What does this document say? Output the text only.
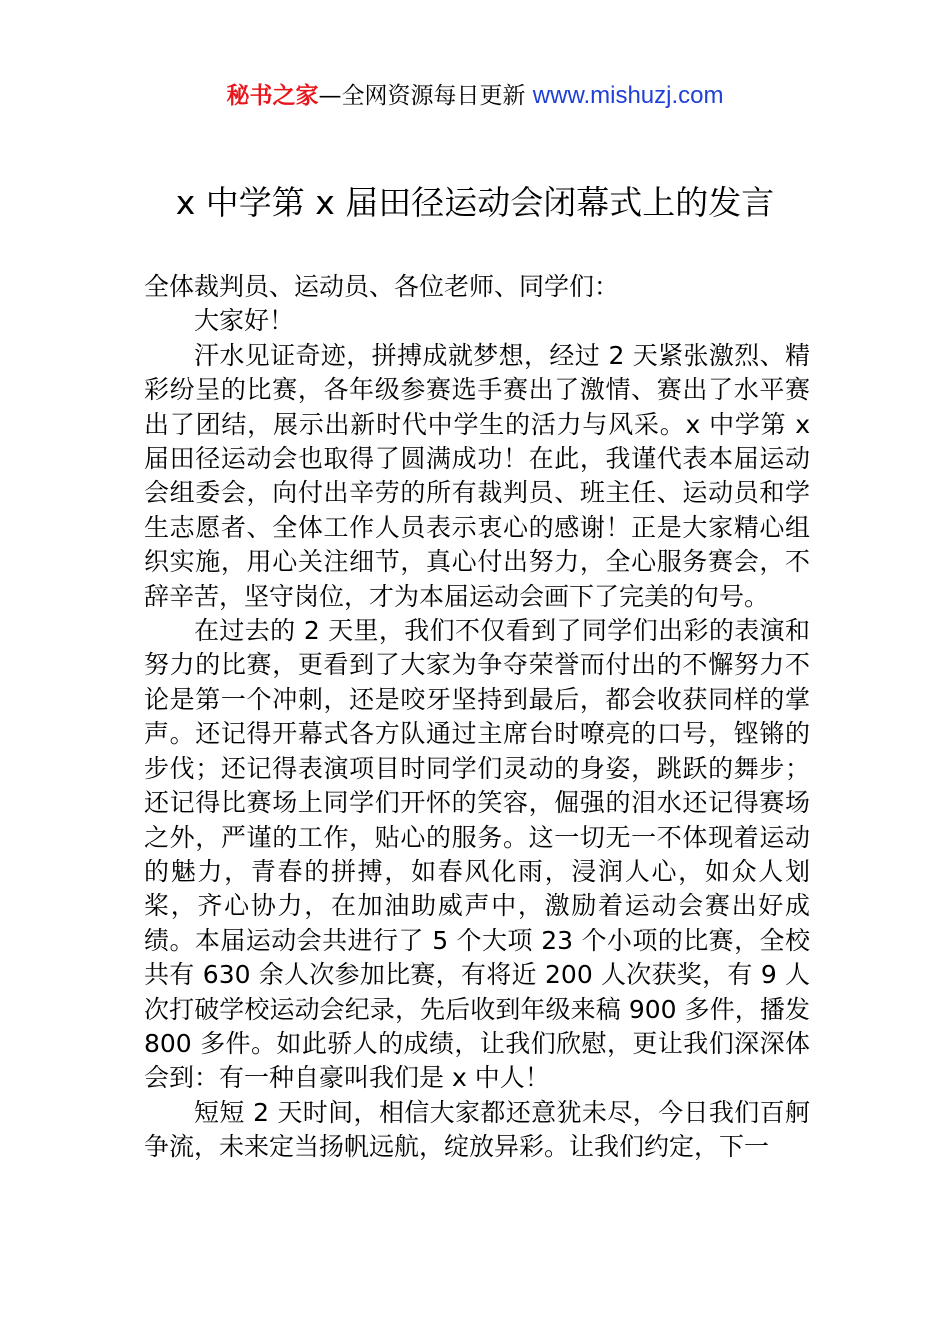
秘书之家—全网资源每日更新 www.mishuzj.com
x 中学第 x 届田径运动会闭幕式上的发言

全体裁判员、运动员、各位老师、同学们：

大家好！

汗水见证奇迹，拼搏成就梦想，经过 2 天紧张激烈、精彩纷呈的比赛，各年级参赛选手赛出了激情、赛出了水平赛出了团结，展示出新时代中学生的活力与风采。x 中学第 x 届田径运动会也取得了圆满成功！在此，我谨代表本届运动会组委会，向付出辛劳的所有裁判员、班主任、运动员和学生志愿者、全体工作人员表示衷心的感谢！正是大家精心组织实施，用心关注细节，真心付出努力，全心服务赛会，不辞辛苦，坚守岗位，才为本届运动会画下了完美的句号。

在过去的 2 天里，我们不仅看到了同学们出彩的表演和努力的比赛，更看到了大家为争夺荣誉而付出的不懈努力不论是第一个冲刺，还是咬牙坚持到最后，都会收获同样的掌声。还记得开幕式各方队通过主席台时嘹亮的口号，铿锵的步伐；还记得表演项目时同学们灵动的身姿，跳跃的舞步；还记得比赛场上同学们开怀的笑容，倔强的泪水还记得赛场之外，严谨的工作，贴心的服务。这一切无一不体现着运动的魅力，青春的拼搏，如春风化雨，浸润人心，如众人划桨，齐心协力，在加油助威声中，激励着运动会赛出好成绩。本届运动会共进行了 5 个大项 23 个小项的比赛，全校共有 630 余人次参加比赛，有将近 200 人次获奖，有 9 人次打破学校运动会纪录，先后收到年级来稿 900 多件，播发 800 多件。如此骄人的成绩，让我们欣慰，更让我们深深体会到：有一种自豪叫我们是 x 中人！

短短 2 天时间，相信大家都还意犹未尽，今日我们百舸争流，未来定当扬帆远航，绽放异彩。让我们约定，下一
